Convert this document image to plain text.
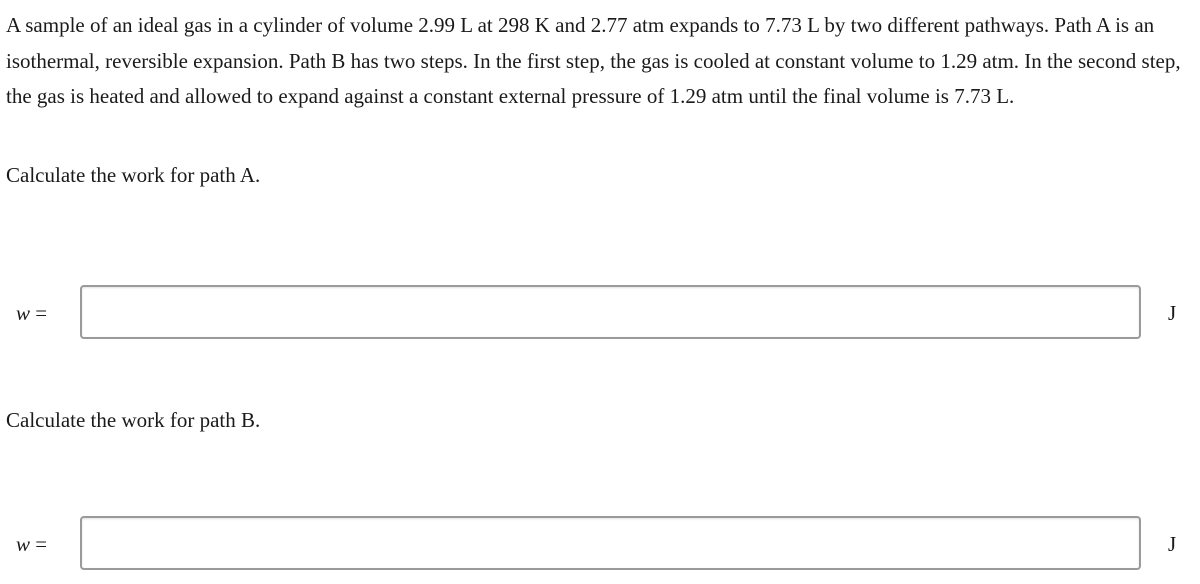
A sample of an ideal gas in a cylinder of volume 2.99 L at 298 K and 2.77 atm expands to 7.73 L by two different pathways. Path A is an isothermal, reversible expansion. Path B has two steps. In the first step, the gas is cooled at constant volume to 1.29 atm. In the second step, the gas is heated and allowed to expand against a constant external pressure of 1.29 atm until the final volume is 7.73 L.

Calculate the work for path A.

w =	J

Calculate the work for path B.

w =	J
